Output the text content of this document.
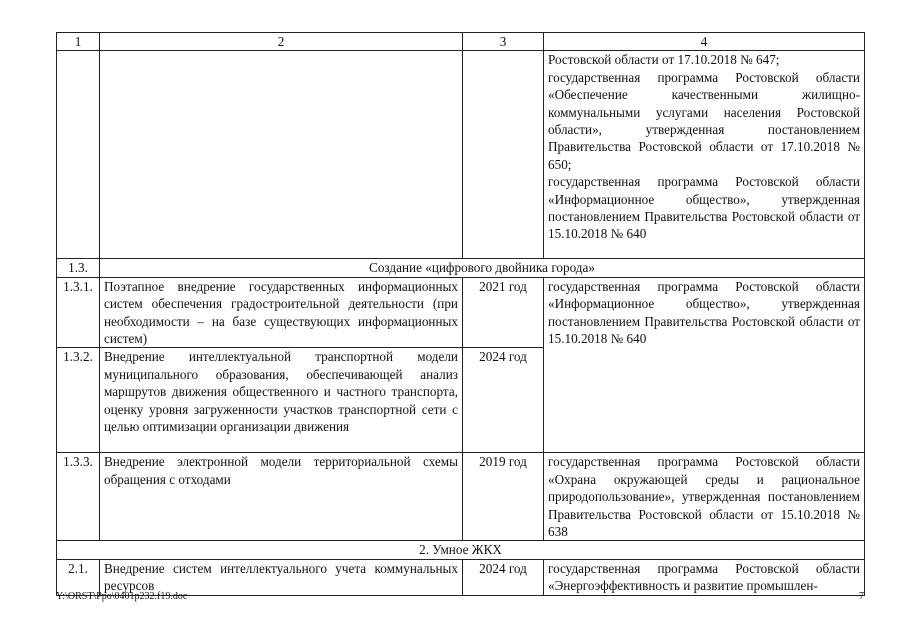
1	2	3	4

			Ростовской области от 17.10.2018 № 647;
государственная программа Ростовской области «Обеспечение качественными жилищно-коммунальными услугами населения Ростовской области», утвержденная постановлением Правительства Ростовской области от 17.10.2018 № 650;
государственная программа Ростовской области «Информационное общество», утвержденная постановлением Правительства Ростовской области от 15.10.2018 № 640

1.3.	Создание «цифрового двойника города»		
1.3.1.	Поэтапное внедрение государственных информационных систем обеспечения градостроительной деятельности (при необходимости – на базе существующих информационных систем)	2021 год	государственная программа Ростовской области «Информационное общество», утвержденная постановлением Правительства Ростовской области от 15.10.2018 № 640
1.3.2.	Внедрение интеллектуальной транспортной модели муниципального образования, обеспечивающей анализ маршрутов движения общественного и частного транспорта, оценку уровня загруженности участков транспортной сети с целью оптимизации организации движения	2024 год	
1.3.3.	Внедрение электронной модели территориальной схемы обращения с отходами	2019 год	государственная программа Ростовской области «Охрана окружающей среды и рациональное природопользование», утвержденная постановлением Правительства Ростовской области от 15.10.2018 № 638
2. Умное ЖКХ			
2.1.	Внедрение систем интеллектуального учета коммунальных ресурсов	2024 год	государственная программа Ростовской области «Энергоэффективность и развитие промышлен-
Y:\ORST\Ppo\0401p232.f19.doc	7
